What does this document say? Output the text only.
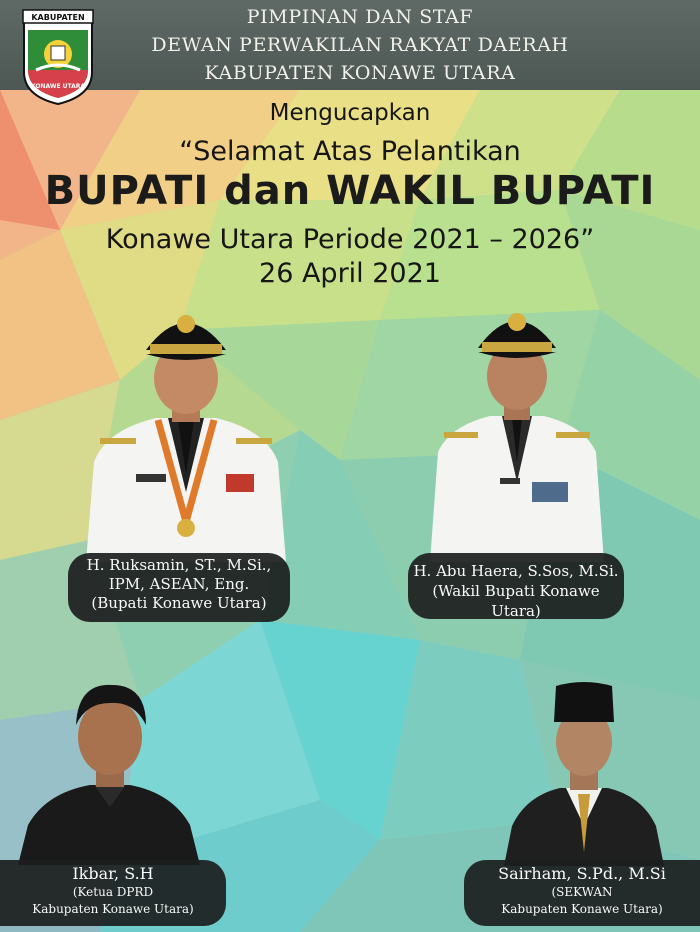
PIMPINAN DAN STAF
DEWAN PERWAKILAN RAKYAT DAERAH
KABUPATEN KONAWE UTARA
KABUPATEN
KONAWE UTARA
Mengucapkan
“Selamat Atas Pelantikan
BUPATI dan WAKIL BUPATI
Konawe Utara Periode 2021 – 2026”
26 April 2021
H. Ruksamin, ST., M.Si.,
IPM, ASEAN, Eng.
(Bupati Konawe Utara)
H. Abu Haera, S.Sos, M.Si.
(Wakil Bupati Konawe Utara)
Ikbar, S.H
(Ketua DPRD
Kabupaten Konawe Utara)
Sairham, S.Pd., M.Si
(SEKWAN
Kabupaten Konawe Utara)
